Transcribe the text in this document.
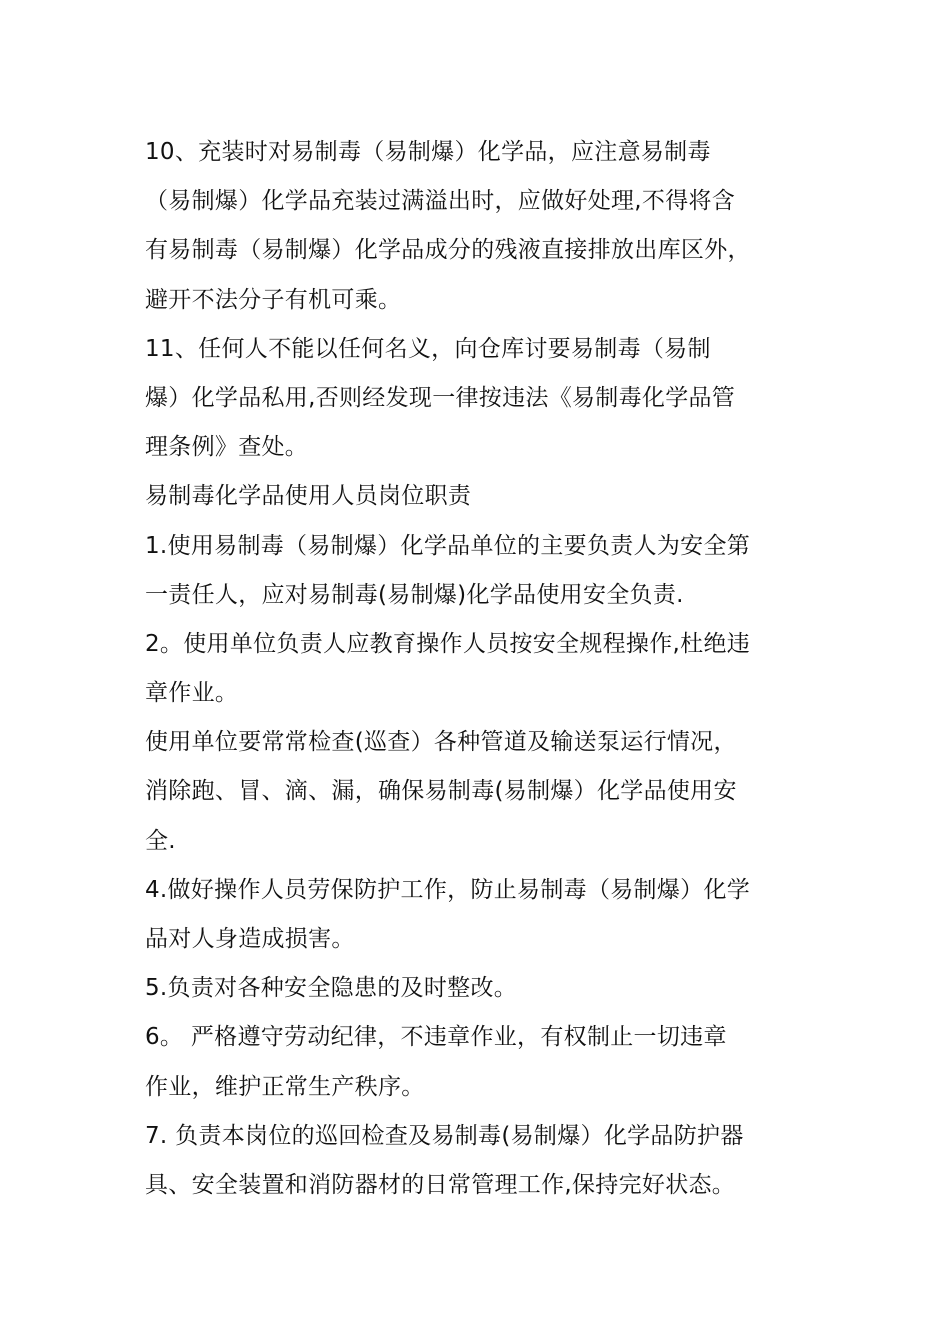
10、充装时对易制毒（易制爆）化学品，应注意易制毒
（易制爆）化学品充装过满溢出时，应做好处理,不得将含
有易制毒（易制爆）化学品成分的残液直接排放出库区外，
避开不法分子有机可乘。
11、任何人不能以任何名义，向仓库讨要易制毒（易制
爆）化学品私用,否则经发现一律按违法《易制毒化学品管
理条例》查处。
易制毒化学品使用人员岗位职责
1.使用易制毒（易制爆）化学品单位的主要负责人为安全第
一责任人，应对易制毒(易制爆)化学品使用安全负责.
2。使用单位负责人应教育操作人员按安全规程操作,杜绝违
章作业。
使用单位要常常检查(巡查）各种管道及输送泵运行情况，
消除跑、冒、滴、漏，确保易制毒(易制爆）化学品使用安
全.
4.做好操作人员劳保防护工作，防止易制毒（易制爆）化学
品对人身造成损害。
5.负责对各种安全隐患的及时整改。
6。 严格遵守劳动纪律，不违章作业，有权制止一切违章
作业，维护正常生产秩序。
7. 负责本岗位的巡回检查及易制毒(易制爆）化学品防护器
具、安全装置和消防器材的日常管理工作,保持完好状态。
